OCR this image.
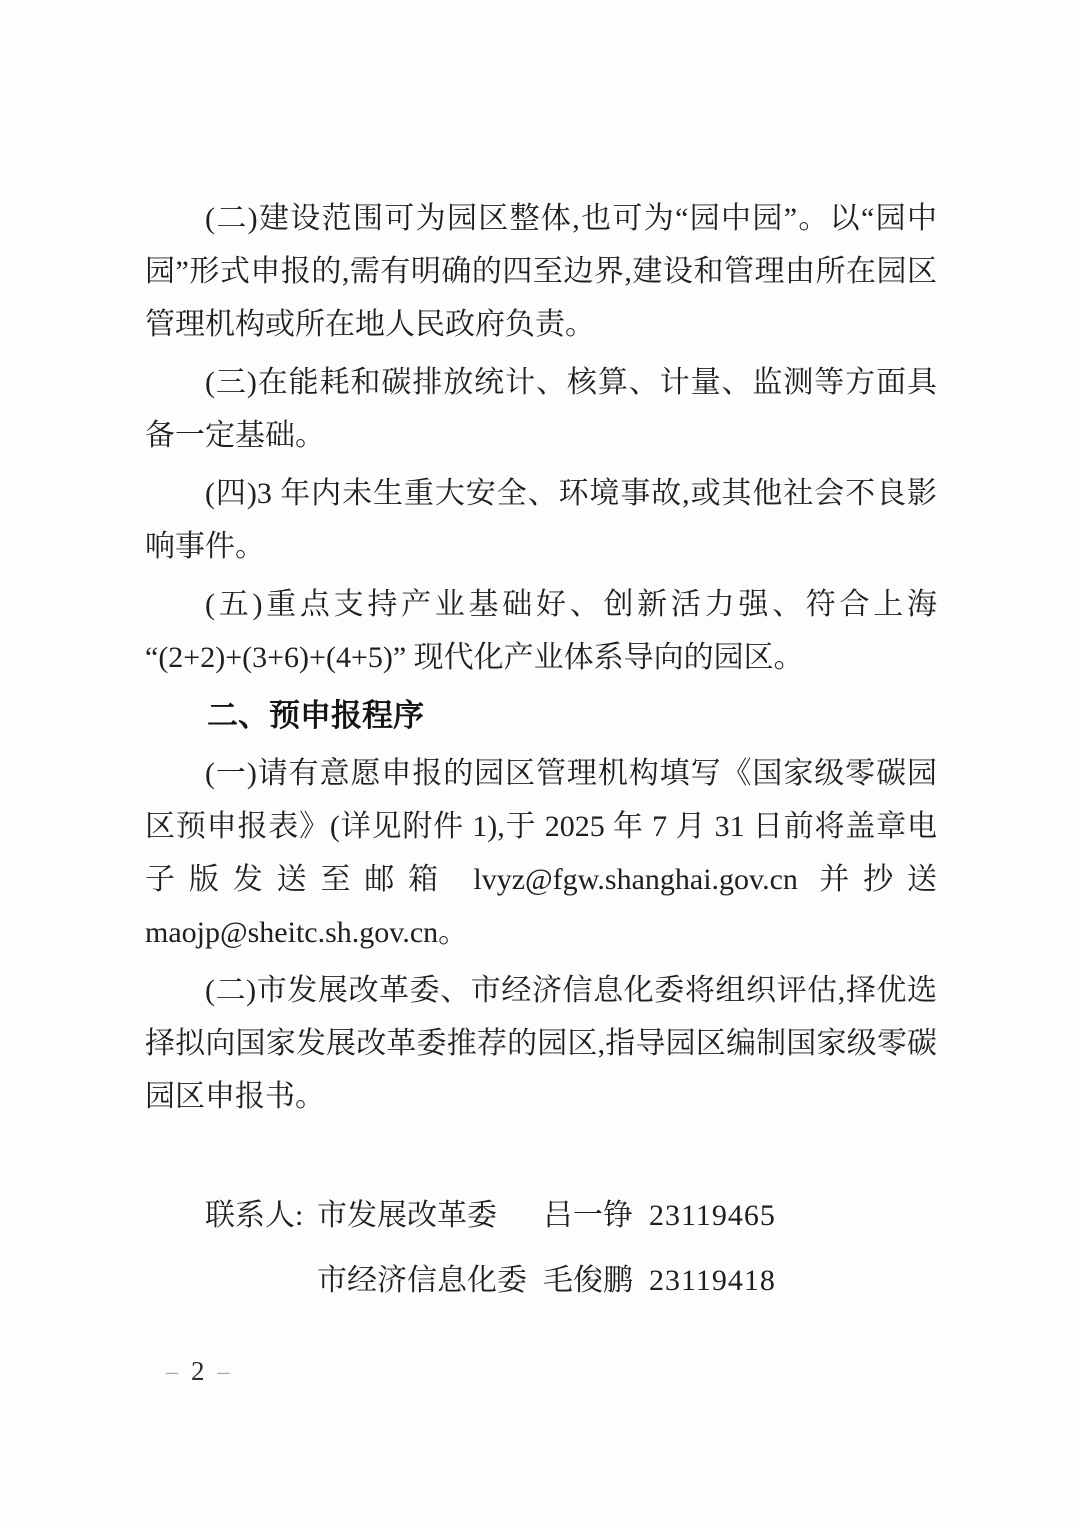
(二)建设范围可为园区整体,也可为“园中园”。以“园中园”形式申报的,需有明确的四至边界,建设和管理由所在园区管理机构或所在地人民政府负责。

(三)在能耗和碳排放统计、核算、计量、监测等方面具备一定基础。

(四)3 年内未生重大安全、环境事故,或其他社会不良影响事件。

(五)重点支持产业基础好、创新活力强、符合上海“(2+2)+(3+6)+(4+5)” 现代化产业体系导向的园区。

二、预申报程序

(一)请有意愿申报的园区管理机构填写《国家级零碳园区预申报表》(详见附件 1),于 2025 年 7 月 31 日前将盖章电子版发送至邮箱 lvyz@fgw.shanghai.gov.cn 并抄送 maojp@sheitc.sh.gov.cn。

(二)市发展改革委、市经济信息化委将组织评估,择优选择拟向国家发展改革委推荐的园区,指导园区编制国家级零碳园区申报书。

联系人: 市发展改革委	吕一铮 23119465
市经济信息化委 毛俊鹏 23119418
– 2 –
